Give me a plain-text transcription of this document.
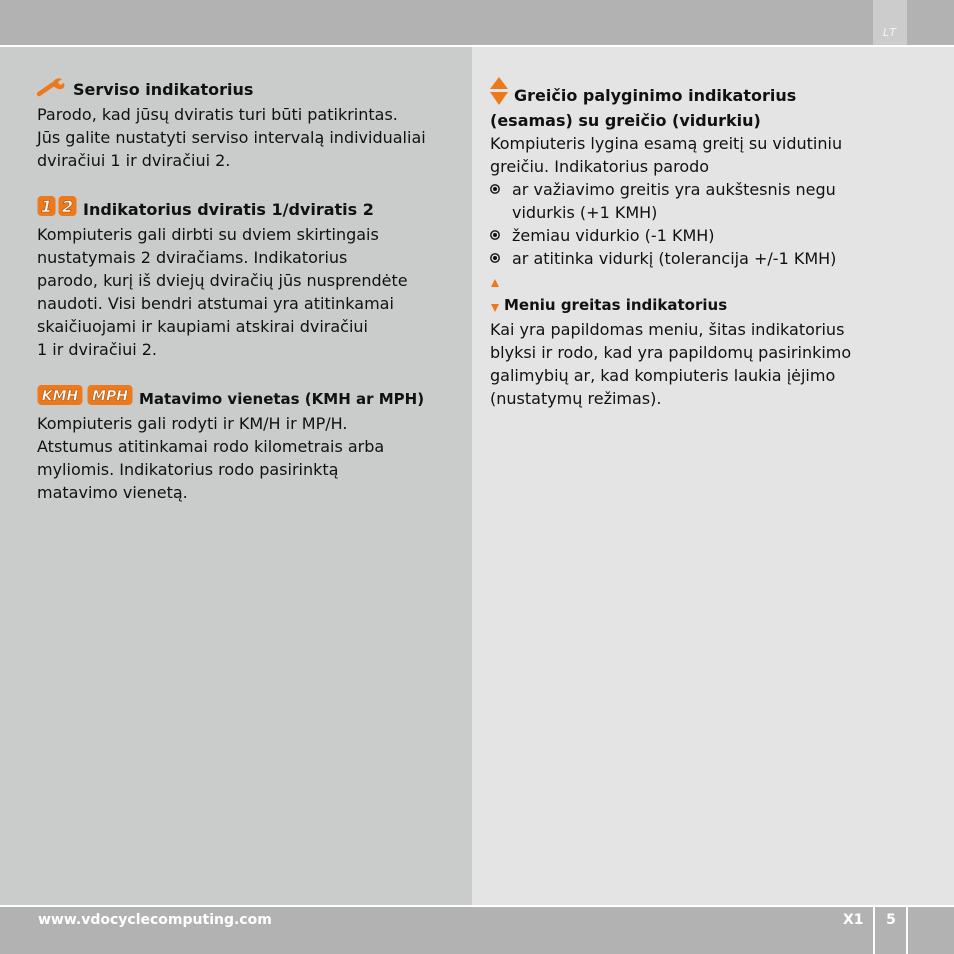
LT

Serviso indikatorius

Parodo, kad jūsų dviratis turi būti patikrintas.

Jūs galite nustatyti serviso intervalą individualiai

dviračiui 1 ir dviračiui 2.

1 2 Indikatorius dviratis 1/dviratis 2

Kompiuteris gali dirbti su dviem skirtingais

nustatymais 2 dviračiams. Indikatorius

parodo, kurį iš dviejų dviračių jūs nusprendėte

naudoti. Visi bendri atstumai yra atitinkamai

skaičiuojami ir kaupiami atskirai dviračiui

1 ir dviračiui 2.

KMH MPH Matavimo vienetas (KMH ar MPH)

Kompiuteris gali rodyti ir KM/H ir MP/H.

Atstumus atitinkamai rodo kilometrais arba

myliomis. Indikatorius rodo pasirinktą

matavimo vienetą.

Greičio palyginimo indikatorius

(esamas) su greičio (vidurkiu)

Kompiuteris lygina esamą greitį su vidutiniu

greičiu. Indikatorius parodo

ar važiavimo greitis yra aukštesnis negu

vidurkis (+1 KMH)

žemiau vidurkio (-1 KMH)

ar atitinka vidurkį (tolerancija +/-1 KMH)

Meniu greitas indikatorius

Kai yra papildomas meniu, šitas indikatorius

blyksi ir rodo, kad yra papildomų pasirinkimo

galimybių ar, kad kompiuteris laukia įėjimo

(nustatymų režimas).

www.vdocyclecomputing.com	X1	5
